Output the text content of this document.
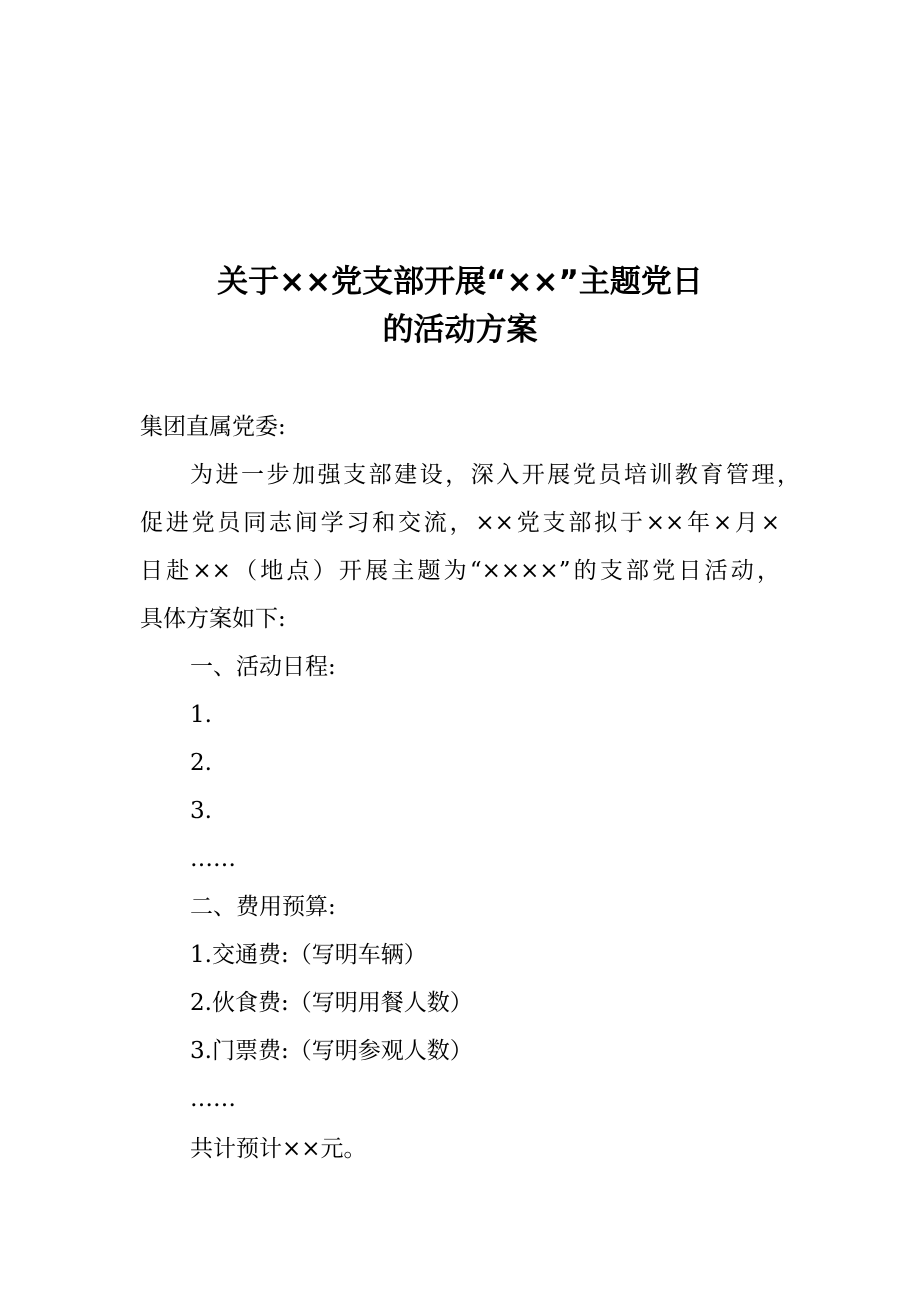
关于××党支部开展“××”主题党日
的活动方案
集团直属党委:
为进一步加强支部建设，深入开展党员培训教育管理，
促进党员同志间学习和交流，××党支部拟于××年×月×
日赴××（地点）开展主题为“××××”的支部党日活动，
具体方案如下:
一、活动日程:
1.
2.
3.
……
二、费用预算:
1.交通费:（写明车辆）
2.伙食费:（写明用餐人数）
3.门票费:（写明参观人数）
……
共计预计××元。
